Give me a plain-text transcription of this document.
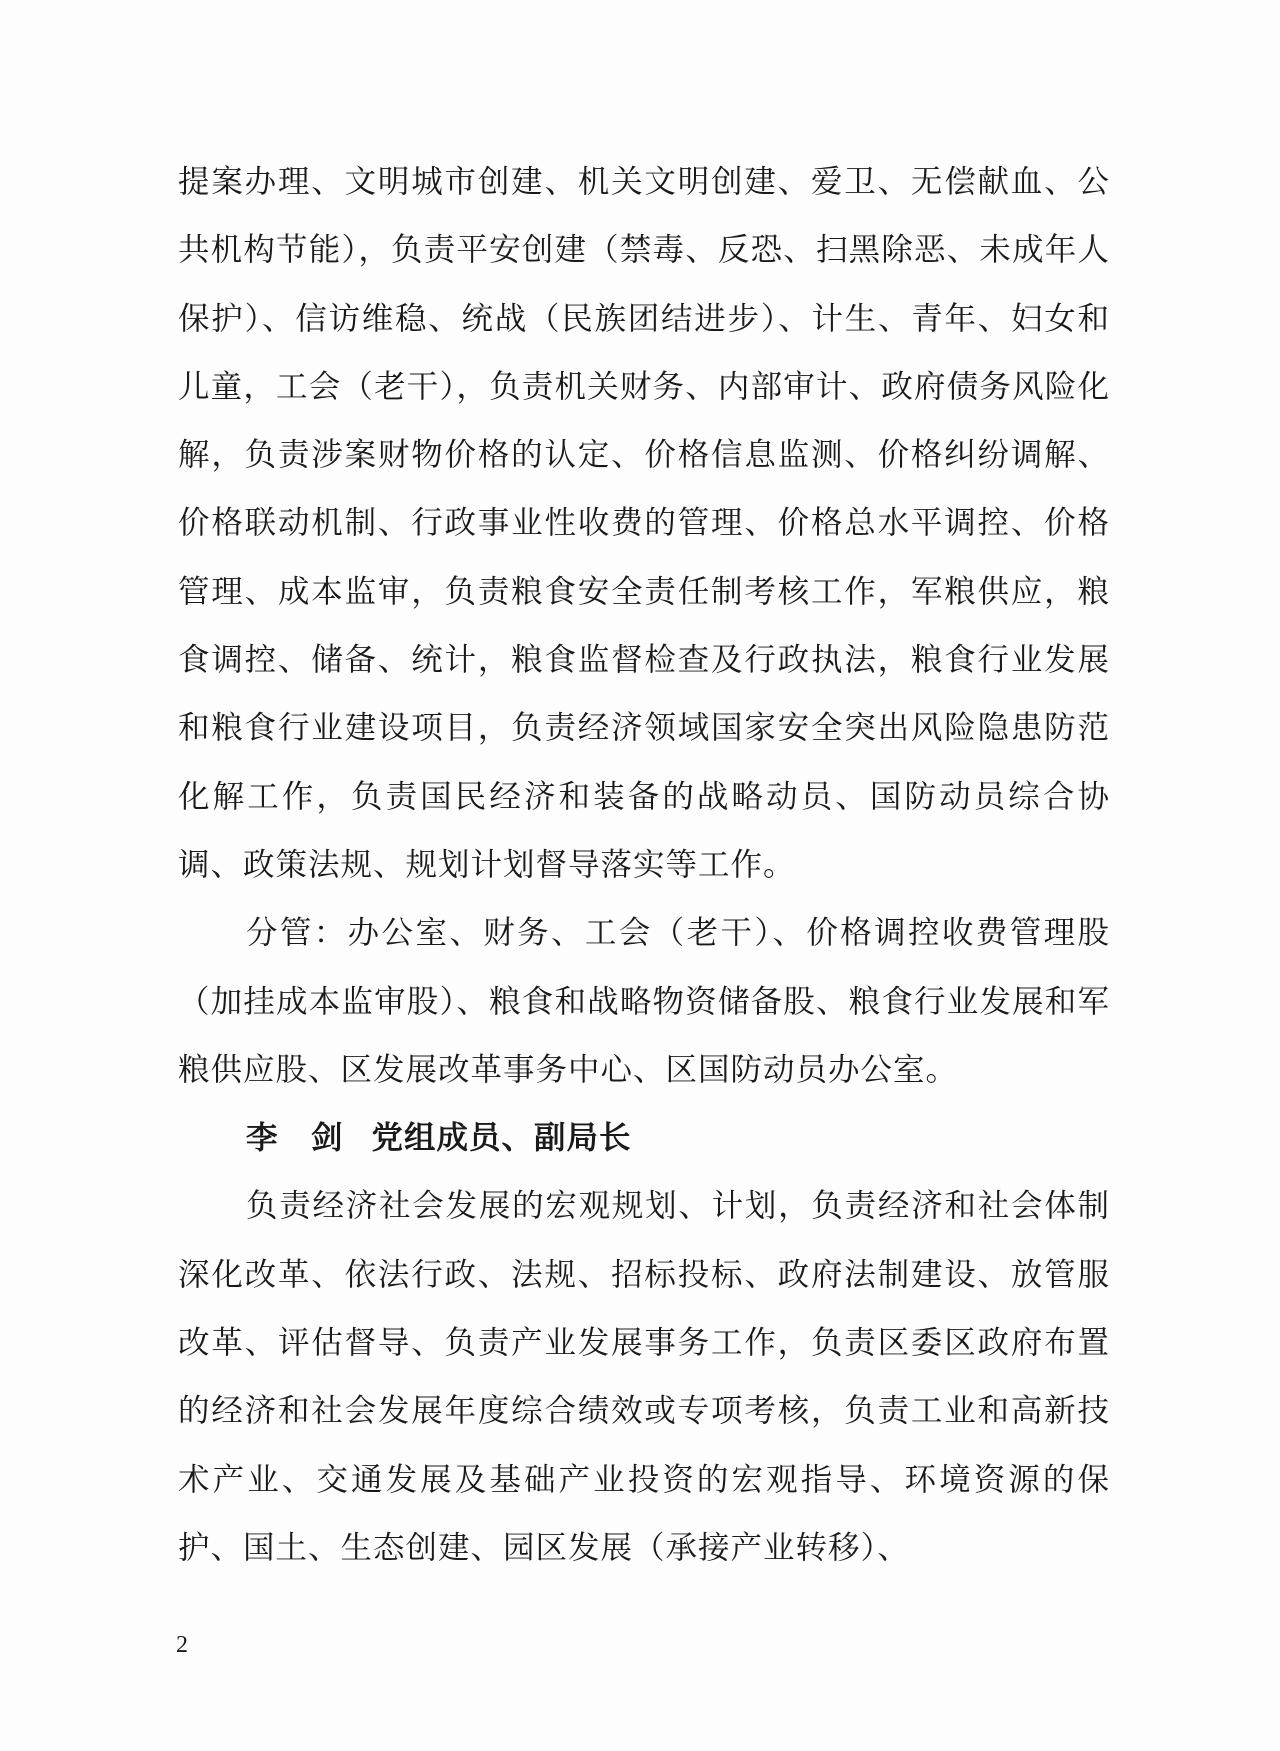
提案办理、文明城市创建、机关文明创建、爱卫、无偿献血、公共机构节能），负责平安创建（禁毒、反恐、扫黑除恶、未成年人保护）、信访维稳、统战（民族团结进步）、计生、青年、妇女和儿童，工会（老干），负责机关财务、内部审计、政府债务风险化解，负责涉案财物价格的认定、价格信息监测、价格纠纷调解、价格联动机制、行政事业性收费的管理、价格总水平调控、价格管理、成本监审，负责粮食安全责任制考核工作，军粮供应，粮食调控、储备、统计，粮食监督检查及行政执法，粮食行业发展和粮食行业建设项目，负责经济领域国家安全突出风险隐患防范化解工作，负责国民经济和装备的战略动员、国防动员综合协调、政策法规、规划计划督导落实等工作。

分管：办公室、财务、工会（老干）、价格调控收费管理股（加挂成本监审股）、粮食和战略物资储备股、粮食行业发展和军粮供应股、区发展改革事务中心、区国防动员办公室。

李　剑 党组成员、副局长

负责经济社会发展的宏观规划、计划，负责经济和社会体制深化改革、依法行政、法规、招标投标、政府法制建设、放管服改革、评估督导、负责产业发展事务工作，负责区委区政府布置的经济和社会发展年度综合绩效或专项考核，负责工业和高新技术产业、交通发展及基础产业投资的宏观指导、环境资源的保护、国土、生态创建、园区发展（承接产业转移）、

2
